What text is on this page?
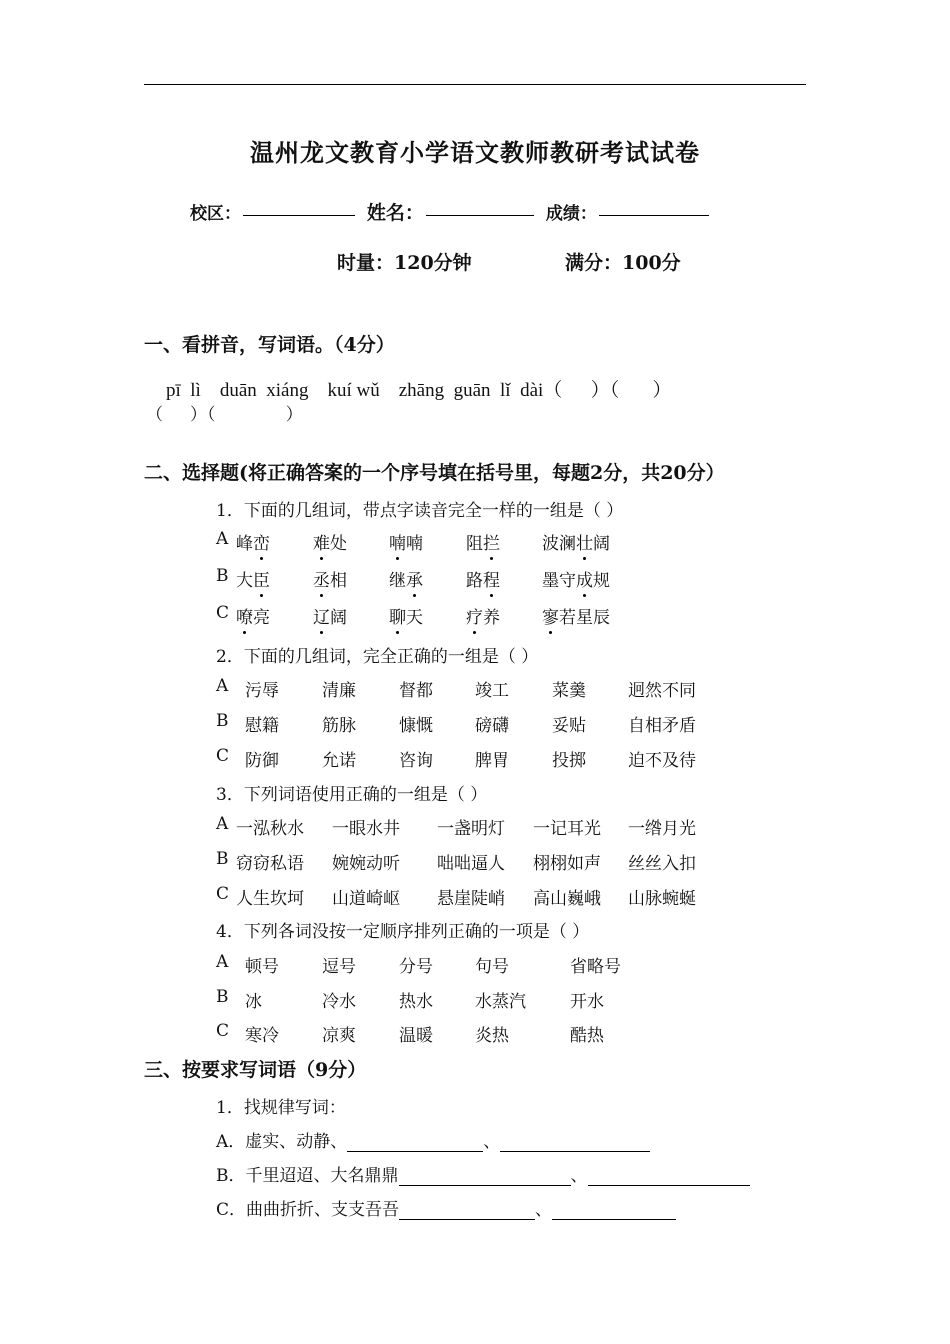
温州龙文教育小学语文教师教研考试试卷
校区：	姓名：	成绩：
时量：120分钟	满分：100分
一、看拼音，写词语。（4分）
pī  lì    duān  xiáng    kuí wǔ    zhāng  guān  lǐ  dài（      ）（       ）
（     ）（             ）
二、选择题(将正确答案的一个序号填在括号里，每题2分，共20分）
1．下面的几组词，带点字读音完全一样的一组是（ ）
A 峰峦	难处 喃喃	阻拦 波澜壮阔
B 大臣	丞相 继承	路程 墨守成规
C 嘹亮	辽阔 聊天	疗养 寥若星辰
2．下面的几组词，完全正确的一组是（ ）
A 污辱	清廉	督都 竣工	菜羹 迥然不同
B 慰籍	筋脉	慷慨 磅礴	妥贴 自相矛盾
C 防御	允诺	咨询 脾胃	投掷 迫不及待
3．下列词语使用正确的一组是（ ）
A 一泓秋水 一眼水井 一盏明灯 一记耳光 一绺月光
B 窃窃私语 婉婉动听 咄咄逼人 栩栩如声 丝丝入扣
C 人生坎坷 山道崎岖 悬崖陡峭 高山巍峨 山脉蜿蜒
4．下列各词没按一定顺序排列正确的一项是（ ）
A 顿号	逗号	分号 句号	省略号
B 冰	冷水	热水 水蒸汽	开水
C 寒冷	凉爽	温暖 炎热	酷热
三、按要求写词语（9分）
1．找规律写词：
A．虚实、动静、	、
B．千里迢迢、大名鼎鼎	、
C．曲曲折折、支支吾吾	、
